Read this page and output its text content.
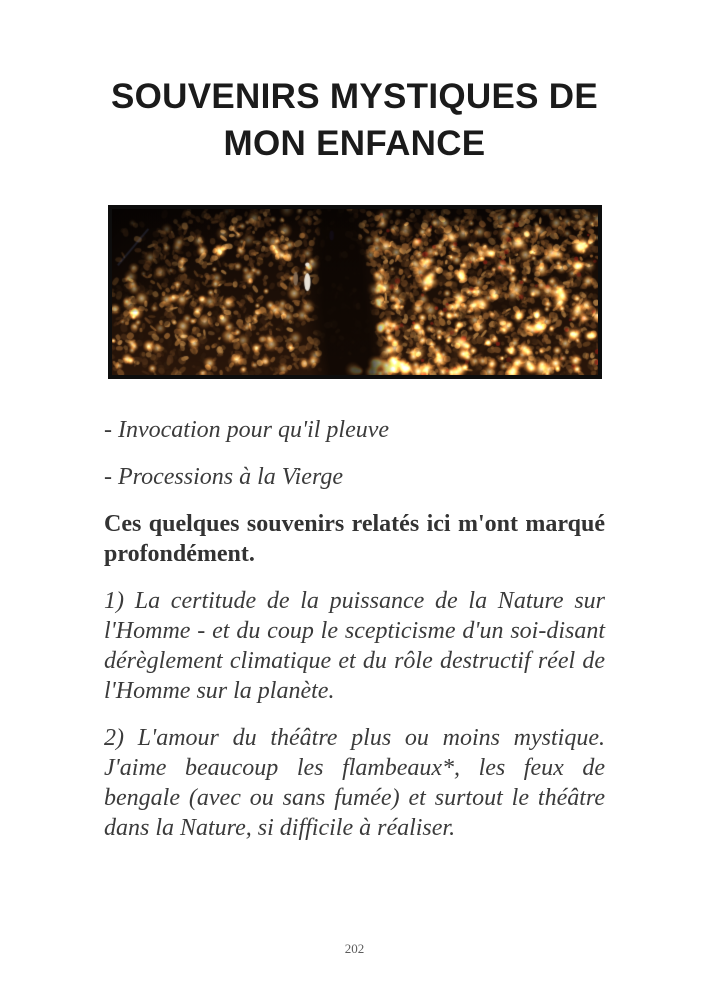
SOUVENIRS MYSTIQUES DE
MON ENFANCE

- Invocation pour qu'il pleuve

- Processions à la Vierge

Ces quelques souvenirs relatés ici m'ont marqué profondément.

1) La certitude de la puissance de la Nature sur l'Homme - et du coup le scepticisme d'un soi-disant dérèglement climatique et du rôle destructif réel de l'Homme sur la planète.

2) L'amour du théâtre plus ou moins mystique. J'aime beaucoup les flambeaux*, les feux de bengale (avec ou sans fumée) et surtout le théâtre dans la Nature, si difficile à réaliser.

202
